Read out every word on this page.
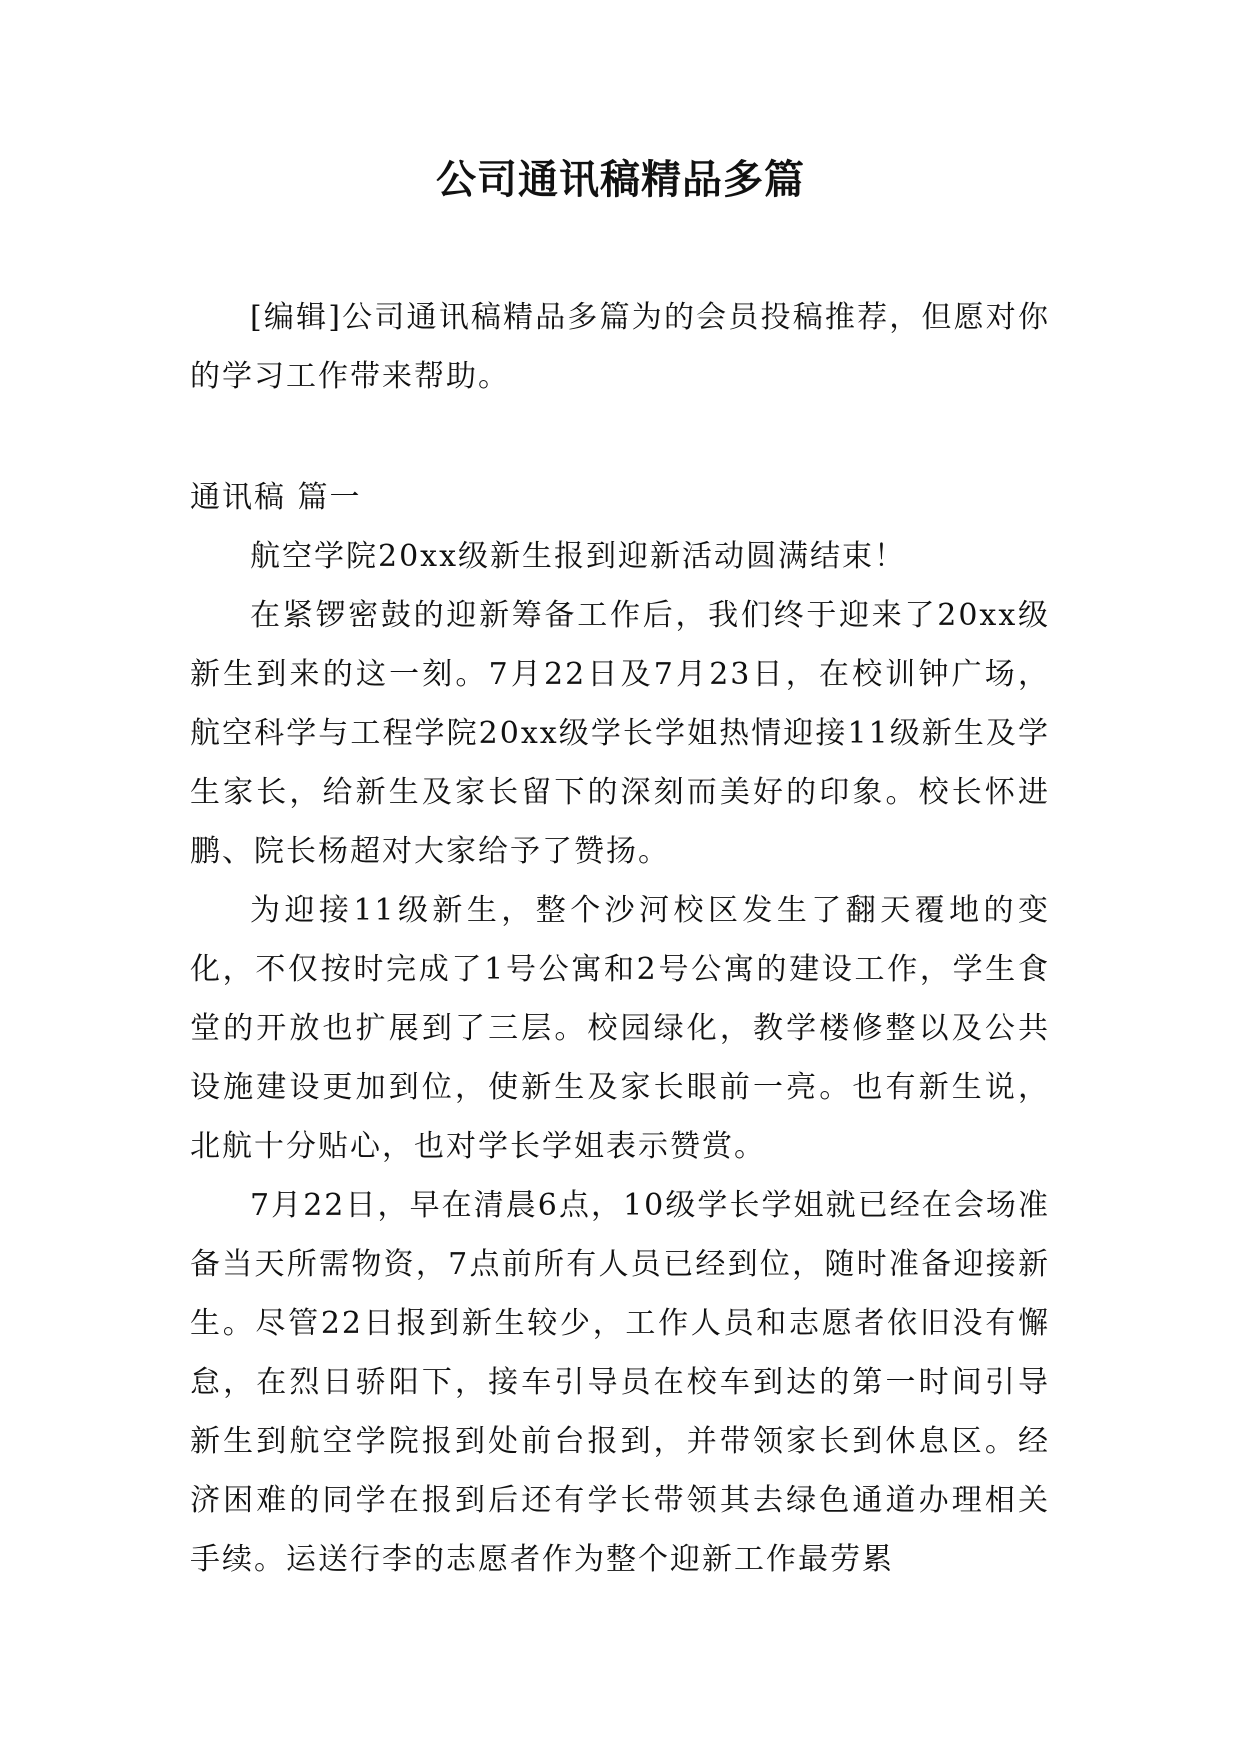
公司通讯稿精品多篇

[编辑]公司通讯稿精品多篇为的会员投稿推荐，但愿对你的学习工作带来帮助。

通讯稿 篇一

航空学院20xx级新生报到迎新活动圆满结束！

在紧锣密鼓的迎新筹备工作后，我们终于迎来了20xx级新生到来的这一刻。7月22日及7月23日，在校训钟广场，航空科学与工程学院20xx级学长学姐热情迎接11级新生及学生家长，给新生及家长留下的深刻而美好的印象。校长怀进鹏、院长杨超对大家给予了赞扬。

为迎接11级新生，整个沙河校区发生了翻天覆地的变化，不仅按时完成了1号公寓和2号公寓的建设工作，学生食堂的开放也扩展到了三层。校园绿化，教学楼修整以及公共设施建设更加到位，使新生及家长眼前一亮。也有新生说，北航十分贴心，也对学长学姐表示赞赏。

7月22日，早在清晨6点，10级学长学姐就已经在会场准备当天所需物资，7点前所有人员已经到位，随时准备迎接新生。尽管22日报到新生较少，工作人员和志愿者依旧没有懈怠，在烈日骄阳下，接车引导员在校车到达的第一时间引导新生到航空学院报到处前台报到，并带领家长到休息区。经济困难的同学在报到后还有学长带领其去绿色通道办理相关手续。运送行李的志愿者作为整个迎新工作最劳累
